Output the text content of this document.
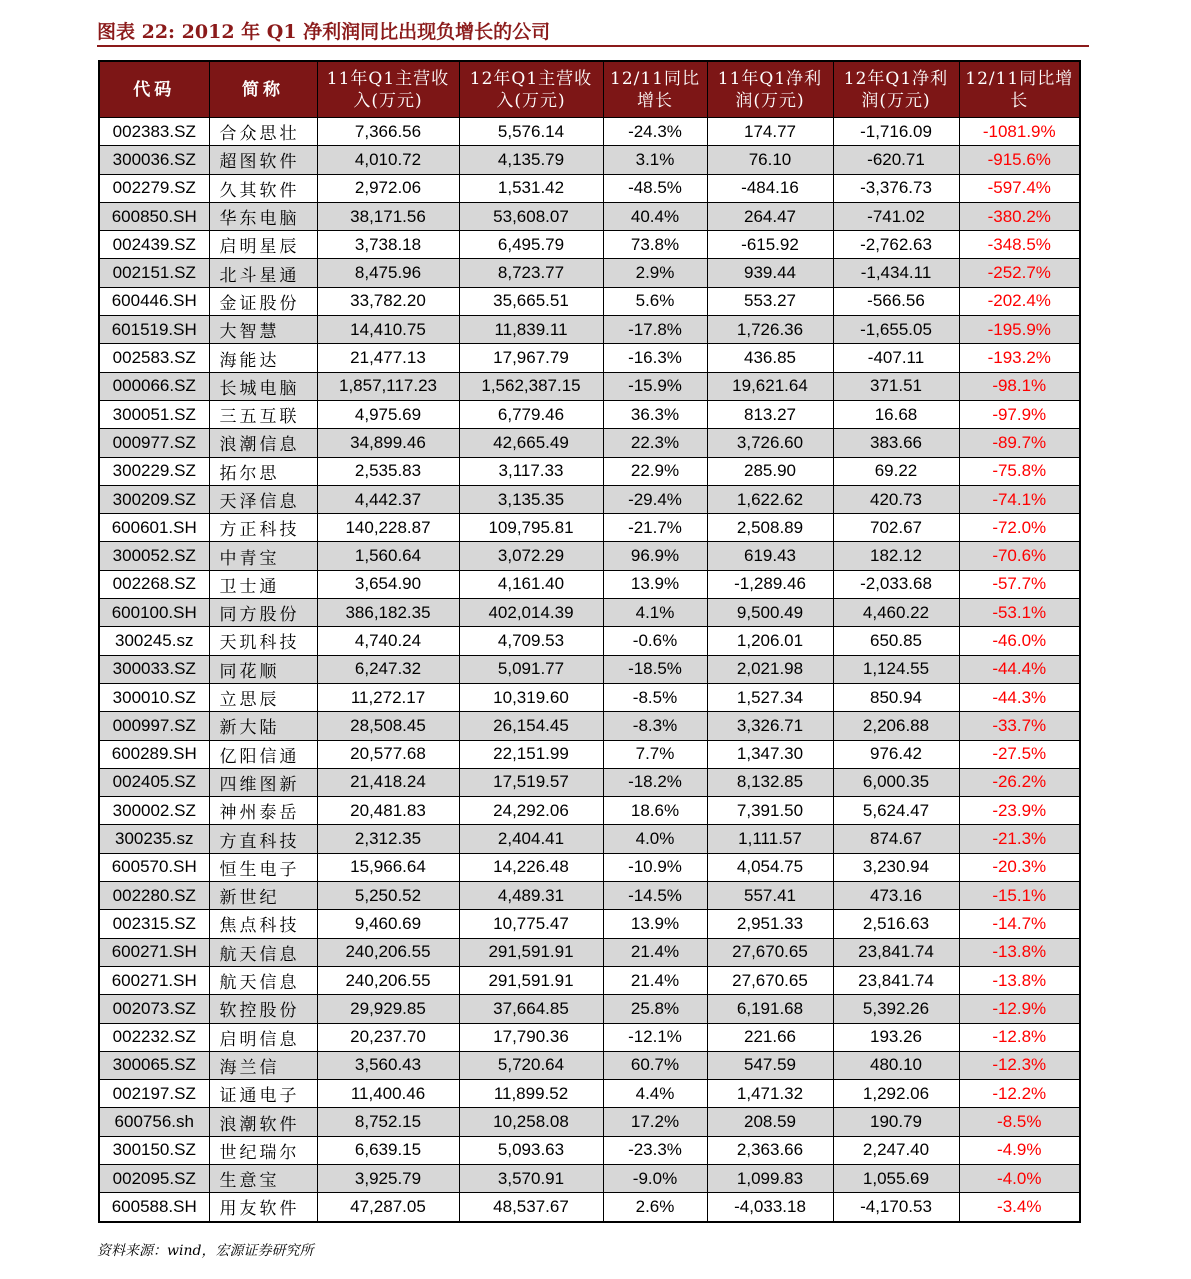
图表 22: 2012 年 Q1 净利润同比出现负增长的公司
代码	简称	11年Q1主营收入(万元)	12年Q1主营收入(万元)	12/11同比增长	11年Q1净利润(万元)	12年Q1净利润(万元)	12/11同比增长
002383.SZ	合众思壮	7,366.56	5,576.14	-24.3%	174.77	-1,716.09	-1081.9%
300036.SZ	超图软件	4,010.72	4,135.79	3.1%	76.10	-620.71	-915.6%
002279.SZ	久其软件	2,972.06	1,531.42	-48.5%	-484.16	-3,376.73	-597.4%
600850.SH	华东电脑	38,171.56	53,608.07	40.4%	264.47	-741.02	-380.2%
002439.SZ	启明星辰	3,738.18	6,495.79	73.8%	-615.92	-2,762.63	-348.5%
002151.SZ	北斗星通	8,475.96	8,723.77	2.9%	939.44	-1,434.11	-252.7%
600446.SH	金证股份	33,782.20	35,665.51	5.6%	553.27	-566.56	-202.4%
601519.SH	大智慧	14,410.75	11,839.11	-17.8%	1,726.36	-1,655.05	-195.9%
002583.SZ	海能达	21,477.13	17,967.79	-16.3%	436.85	-407.11	-193.2%
000066.SZ	长城电脑	1,857,117.23	1,562,387.15	-15.9%	19,621.64	371.51	-98.1%
300051.SZ	三五互联	4,975.69	6,779.46	36.3%	813.27	16.68	-97.9%
000977.SZ	浪潮信息	34,899.46	42,665.49	22.3%	3,726.60	383.66	-89.7%
300229.SZ	拓尔思	2,535.83	3,117.33	22.9%	285.90	69.22	-75.8%
300209.SZ	天泽信息	4,442.37	3,135.35	-29.4%	1,622.62	420.73	-74.1%
600601.SH	方正科技	140,228.87	109,795.81	-21.7%	2,508.89	702.67	-72.0%
300052.SZ	中青宝	1,560.64	3,072.29	96.9%	619.43	182.12	-70.6%
002268.SZ	卫士通	3,654.90	4,161.40	13.9%	-1,289.46	-2,033.68	-57.7%
600100.SH	同方股份	386,182.35	402,014.39	4.1%	9,500.49	4,460.22	-53.1%
300245.sz	天玑科技	4,740.24	4,709.53	-0.6%	1,206.01	650.85	-46.0%
300033.SZ	同花顺	6,247.32	5,091.77	-18.5%	2,021.98	1,124.55	-44.4%
300010.SZ	立思辰	11,272.17	10,319.60	-8.5%	1,527.34	850.94	-44.3%
000997.SZ	新大陆	28,508.45	26,154.45	-8.3%	3,326.71	2,206.88	-33.7%
600289.SH	亿阳信通	20,577.68	22,151.99	7.7%	1,347.30	976.42	-27.5%
002405.SZ	四维图新	21,418.24	17,519.57	-18.2%	8,132.85	6,000.35	-26.2%
300002.SZ	神州泰岳	20,481.83	24,292.06	18.6%	7,391.50	5,624.47	-23.9%
300235.sz	方直科技	2,312.35	2,404.41	4.0%	1,111.57	874.67	-21.3%
600570.SH	恒生电子	15,966.64	14,226.48	-10.9%	4,054.75	3,230.94	-20.3%
002280.SZ	新世纪	5,250.52	4,489.31	-14.5%	557.41	473.16	-15.1%
002315.SZ	焦点科技	9,460.69	10,775.47	13.9%	2,951.33	2,516.63	-14.7%
600271.SH	航天信息	240,206.55	291,591.91	21.4%	27,670.65	23,841.74	-13.8%
600271.SH	航天信息	240,206.55	291,591.91	21.4%	27,670.65	23,841.74	-13.8%
002073.SZ	软控股份	29,929.85	37,664.85	25.8%	6,191.68	5,392.26	-12.9%
002232.SZ	启明信息	20,237.70	17,790.36	-12.1%	221.66	193.26	-12.8%
300065.SZ	海兰信	3,560.43	5,720.64	60.7%	547.59	480.10	-12.3%
002197.SZ	证通电子	11,400.46	11,899.52	4.4%	1,471.32	1,292.06	-12.2%
600756.sh	浪潮软件	8,752.15	10,258.08	17.2%	208.59	190.79	-8.5%
300150.SZ	世纪瑞尔	6,639.15	5,093.63	-23.3%	2,363.66	2,247.40	-4.9%
002095.SZ	生意宝	3,925.79	3,570.91	-9.0%	1,099.83	1,055.69	-4.0%
600588.SH	用友软件	47,287.05	48,537.67	2.6%	-4,033.18	-4,170.53	-3.4%
资料来源：wind，宏源证券研究所
